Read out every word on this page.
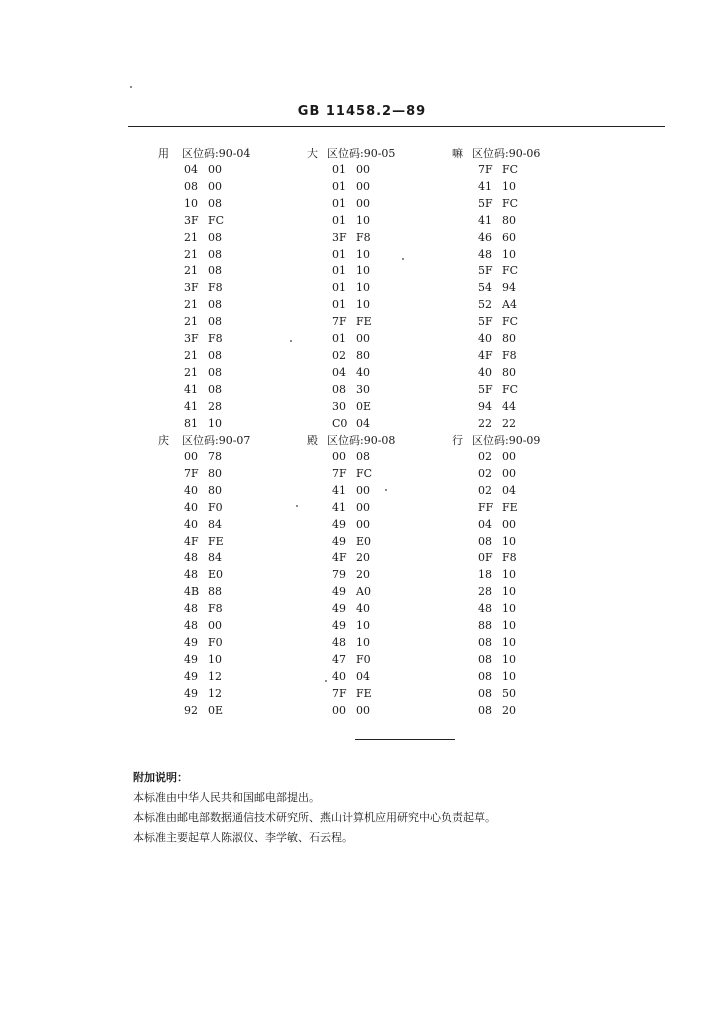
GB 11458.2—89
用 区位码:90-04
04 00
08 00
10 08
3F FC
21 08
21 08
21 08
3F F8
21 08
21 08
3F F8
21 08
21 08
41 08
41 28
81 10
大 区位码:90-05
01 00
01 00
01 00
01 10
3F F8
01 10
01 10
01 10
01 10
7F FE
01 00
02 80
04 40
08 30
30 0E
C0 04
嘛 区位码:90-06
7F FC
41 10
5F FC
41 80
46 60
48 10
5F FC
54 94
52 A4
5F FC
40 80
4F F8
40 80
5F FC
94 44
22 22
庆 区位码:90-07
00 78
7F 80
40 80
40 F0
40 84
4F FE
48 84
48 E0
4B 88
48 F8
48 00
49 F0
49 10
49 12
49 12
92 0E
殿 区位码:90-08
00 08
7F FC
41 00
41 00
49 00
49 E0
4F 20
79 20
49 A0
49 40
49 10
48 10
47 F0
40 04
7F FE
00 00
行 区位码:90-09
02 00
02 00
02 04
FF FE
04 00
08 10
0F F8
18 10
28 10
48 10
88 10
08 10
08 10
08 10
08 50
08 20
附加说明：
本标准由中华人民共和国邮电部提出。
本标准由邮电部数据通信技术研究所、燕山计算机应用研究中心负责起草。
本标准主要起草人陈淑仪、李学敏、石云程。
